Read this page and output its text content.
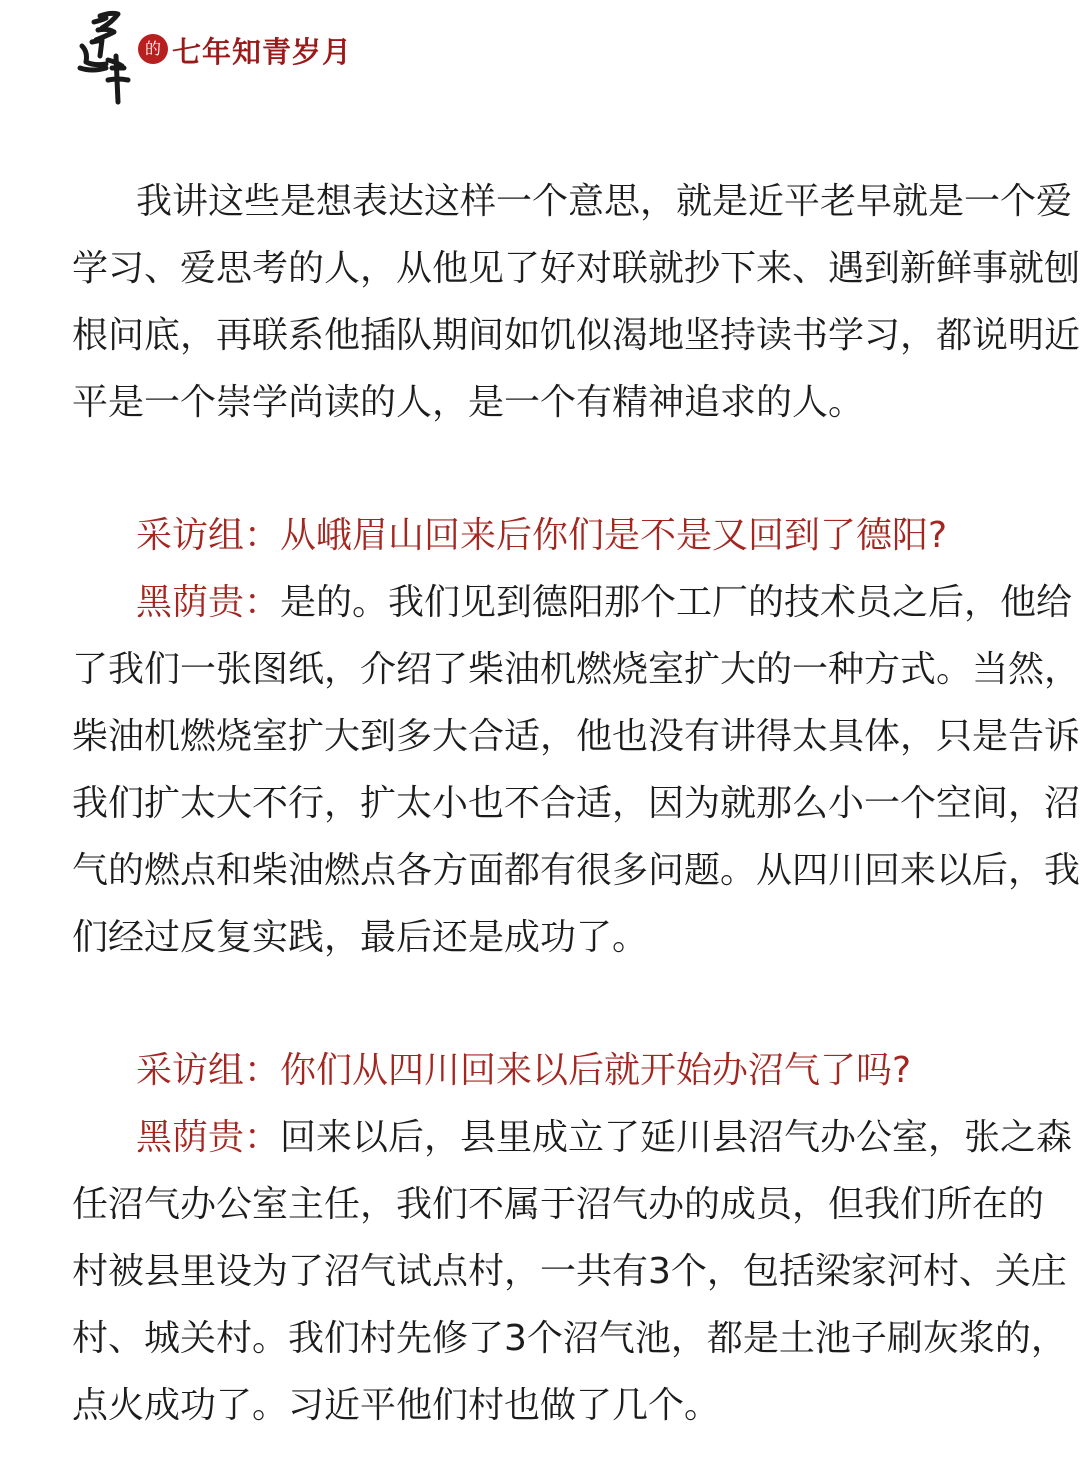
的 七年知青岁月

我讲这些是想表达这样一个意思，就是近平老早就是一个爱
学习、爱思考的人，从他见了好对联就抄下来、遇到新鲜事就刨
根问底，再联系他插队期间如饥似渴地坚持读书学习，都说明近
平是一个崇学尚读的人，是一个有精神追求的人。

采访组：从峨眉山回来后你们是不是又回到了德阳?
黑荫贵：是的。我们见到德阳那个工厂的技术员之后，他给
了我们一张图纸，介绍了柴油机燃烧室扩大的一种方式。当然，
柴油机燃烧室扩大到多大合适，他也没有讲得太具体，只是告诉
我们扩太大不行，扩太小也不合适，因为就那么小一个空间，沼
气的燃点和柴油燃点各方面都有很多问题。从四川回来以后，我
们经过反复实践，最后还是成功了。

采访组：你们从四川回来以后就开始办沼气了吗?
黑荫贵：回来以后，县里成立了延川县沼气办公室，张之森
任沼气办公室主任，我们不属于沼气办的成员，但我们所在的
村被县里设为了沼气试点村，一共有3个，包括梁家河村、关庄
村、城关村。我们村先修了3个沼气池，都是土池子刷灰浆的，
点火成功了。习近平他们村也做了几个。
